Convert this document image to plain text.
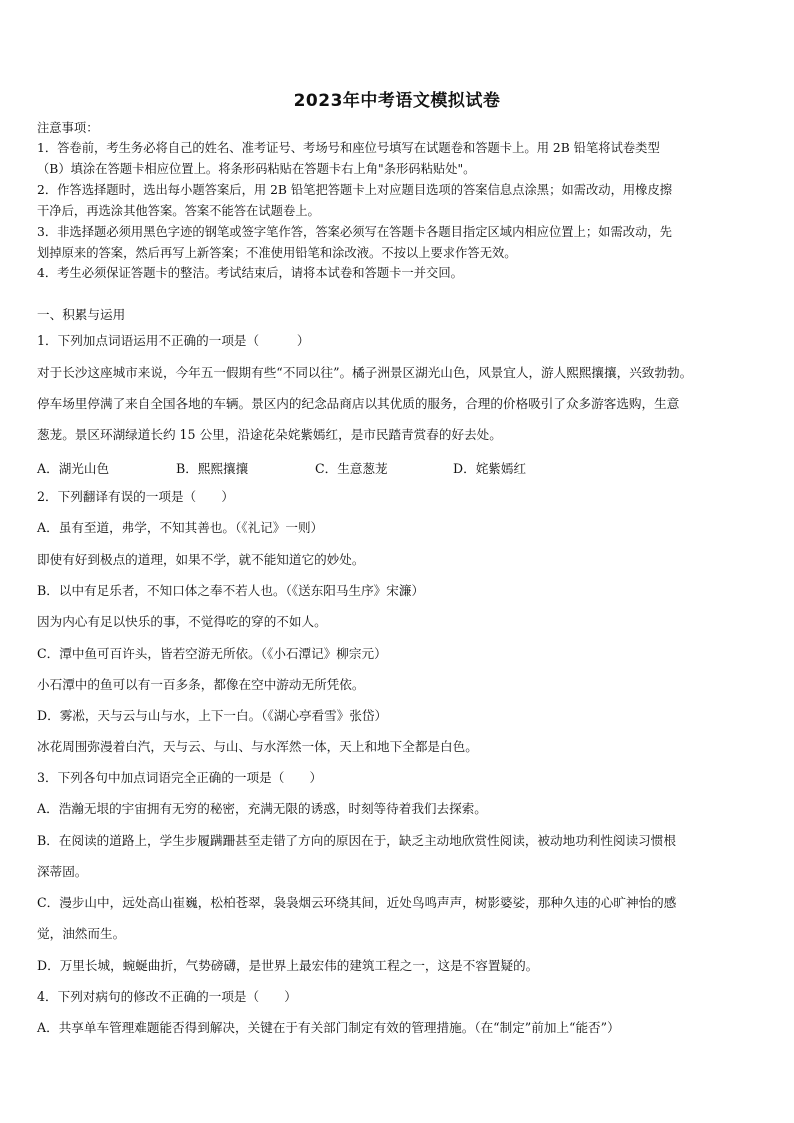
2023年中考语文模拟试卷
注意事项：
1．答卷前，考生务必将自己的姓名、准考证号、考场号和座位号填写在试题卷和答题卡上。用 2B 铅笔将试卷类型
（B）填涂在答题卡相应位置上。将条形码粘贴在答题卡右上角"条形码粘贴处"。
2．作答选择题时，选出每小题答案后，用 2B 铅笔把答题卡上对应题目选项的答案信息点涂黑；如需改动，用橡皮擦
干净后，再选涂其他答案。答案不能答在试题卷上。
3．非选择题必须用黑色字迹的钢笔或签字笔作答，答案必须写在答题卡各题目指定区域内相应位置上；如需改动，先
划掉原来的答案，然后再写上新答案；不准使用铅笔和涂改液。不按以上要求作答无效。
4．考生必须保证答题卡的整洁。考试结束后，请将本试卷和答题卡一并交回。
一、积累与运用
1．下列加点词语运用不正确的一项是（　　　）
对于长沙这座城市来说，今年五一假期有些“不同以往”。橘子洲景区湖光山色，风景宜人，游人熙熙攘攘，兴致勃勃。
停车场里停满了来自全国各地的车辆。景区内的纪念品商店以其优质的服务，合理的价格吸引了众多游客选购，生意
葱茏。景区环湖绿道长约 15 公里，沿途花朵姹紫嫣红，是市民踏青赏春的好去处。
A．湖光山色	B．熙熙攘攘	C．生意葱茏	D．姹紫嫣红
2．下列翻译有误的一项是（　　）
A．虽有至道，弗学，不知其善也。（《礼记》一则）
即使有好到极点的道理，如果不学，就不能知道它的妙处。
B．以中有足乐者，不知口体之奉不若人也。（《送东阳马生序》宋濂）
因为内心有足以快乐的事，不觉得吃的穿的不如人。
C．潭中鱼可百许头，皆若空游无所依。（《小石潭记》柳宗元）
小石潭中的鱼可以有一百多条，都像在空中游动无所凭依。
D．雾凇，天与云与山与水，上下一白。（《湖心亭看雪》张岱）
冰花周围弥漫着白汽，天与云、与山、与水浑然一体，天上和地下全都是白色。
3．下列各句中加点词语完全正确的一项是（　　）
A．浩瀚无垠的宇宙拥有无穷的秘密，充满无限的诱惑，时刻等待着我们去探索。
B．在阅读的道路上，学生步履蹒跚甚至走错了方向的原因在于，缺乏主动地欣赏性阅读，被动地功利性阅读习惯根
深蒂固。
C．漫步山中，远处高山崔巍，松柏苍翠，袅袅烟云环绕其间，近处鸟鸣声声，树影婆娑，那种久违的心旷神怡的感
觉，油然而生。
D．万里长城，蜿蜒曲折，气势磅礴，是世界上最宏伟的建筑工程之一，这是不容置疑的。
4．下列对病句的修改不正确的一项是（　　）
A．共享单车管理难题能否得到解决，关键在于有关部门制定有效的管理措施。（在“制定”前加上“能否”）
